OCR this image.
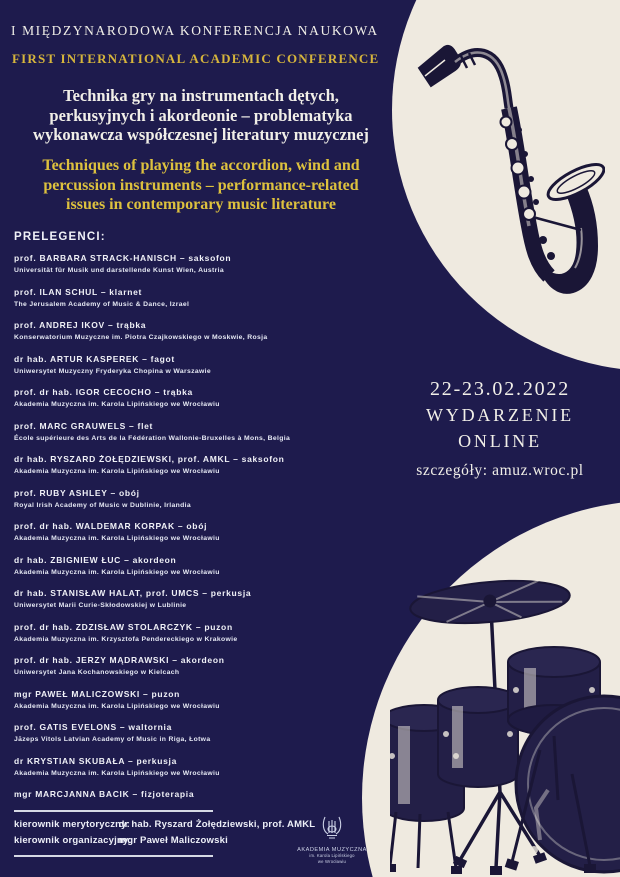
I MIĘDZYNARODOWA KONFERENCJA NAUKOWA
FIRST INTERNATIONAL ACADEMIC CONFERENCE
Technika gry na instrumentach dętych,
perkusyjnych i akordeonie – problematyka
wykonawcza współczesnej literatury muzycznej
Techniques of playing the accordion, wind and
percussion instruments – performance-related
issues in contemporary music literature
PRELEGENCI:
prof. BARBARA STRACK-HANISCH – saksofon
Universität für Musik und darstellende Kunst Wien, Austria
prof. ILAN SCHUL – klarnet
The Jerusalem Academy of Music & Dance, Izrael
prof. ANDREJ IKOV – trąbka
Konserwatorium Muzyczne im. Piotra Czajkowskiego w Moskwie, Rosja
dr hab. ARTUR KASPEREK – fagot
Uniwersytet Muzyczny Fryderyka Chopina w Warszawie
prof. dr hab. IGOR CECOCHO – trąbka
Akademia Muzyczna im. Karola Lipińskiego we Wrocławiu
prof. MARC GRAUWELS – flet
École supérieure des Arts de la Fédération Wallonie-Bruxelles à Mons, Belgia
dr hab. RYSZARD ŻOŁĘDZIEWSKI, prof. AMKL – saksofon
Akademia Muzyczna im. Karola Lipińskiego we Wrocławiu
prof. RUBY ASHLEY – obój
Royal Irish Academy of Music w Dublinie, Irlandia
prof. dr hab. WALDEMAR KORPAK – obój
Akademia Muzyczna im. Karola Lipińskiego we Wrocławiu
dr hab. ZBIGNIEW ŁUC – akordeon
Akademia Muzyczna im. Karola Lipińskiego we Wrocławiu
dr hab. STANISŁAW HALAT, prof. UMCS – perkusja
Uniwersytet Marii Curie-Skłodowskiej w Lublinie
prof. dr hab. ZDZISŁAW STOLARCZYK – puzon
Akademia Muzyczna im. Krzysztofa Pendereckiego w Krakowie
prof. dr hab. JERZY MĄDRAWSKI – akordeon
Uniwersytet Jana Kochanowskiego w Kielcach
mgr PAWEŁ MALICZOWSKI – puzon
Akademia Muzyczna im. Karola Lipińskiego we Wrocławiu
prof. GATIS EVELONS – waltornia
Jāzeps Vitols Latvian Academy of Music in Riga, Łotwa
dr KRYSTIAN SKUBAŁA – perkusja
Akademia Muzyczna im. Karola Lipińskiego we Wrocławiu
mgr MARCJANNA BACIK – fizjoterapia
22-23.02.2022
WYDARZENIE
ONLINE
szczegóły: amuz.wroc.pl
kierownik merytoryczny: dr hab. Ryszard Żołędziewski, prof. AMKL
kierownik organizacyjny: mgr Paweł Maliczowski
AKADEMIA MUZYCZNA
im. Karola Lipińskiego
we Wrocławiu
